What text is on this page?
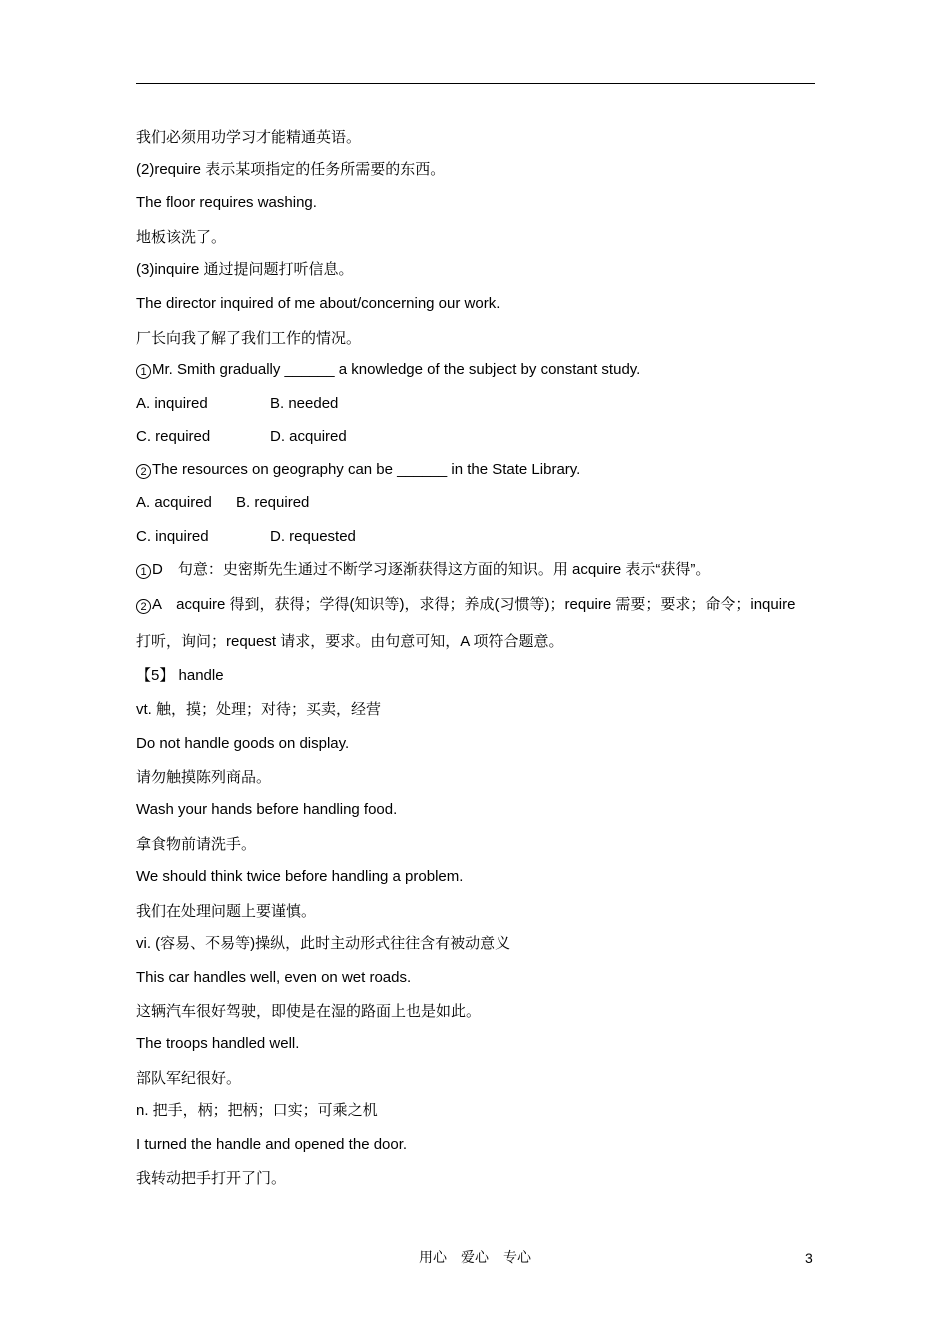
我们必须用功学习才能精通英语。
(2)require 表示某项指定的任务所需要的东西。
The floor requires washing.
地板该洗了。
(3)inquire 通过提问题打听信息。
The director inquired of me about/concerning our work.
厂长向我了解了我们工作的情况。
1 Mr. Smith gradually ______ a knowledge of the subject by constant study.
A. inquired	B. needed
C. required	D. acquired
2 The resources on geography can be ______ in the State Library.
A. acquired B. required
C. inquired	D. requested
1 D　句意：史密斯先生通过不断学习逐渐获得这方面的知识。用 acquire 表示“获得”。
2 A　acquire 得到，获得；学得(知识等)，求得；养成(习惯等)；require 需要；要求；命令；inquire
打听，询问；request 请求，要求。由句意可知，A 项符合题意。
【5】 handle
vt. 触，摸；处理；对待；买卖，经营
Do not handle goods on display.
请勿触摸陈列商品。
Wash your hands before handling food.
拿食物前请洗手。
We should think twice before handling a problem.
我们在处理问题上要谨慎。
vi. (容易、不易等)操纵，此时主动形式往往含有被动意义
This car handles well, even on wet roads.
这辆汽车很好驾驶，即使是在湿的路面上也是如此。
The troops handled well.
部队军纪很好。
n. 把手，柄；把柄；口实；可乘之机
I turned the handle and opened the door.
我转动把手打开了门。
用心　爱心　专心	3
